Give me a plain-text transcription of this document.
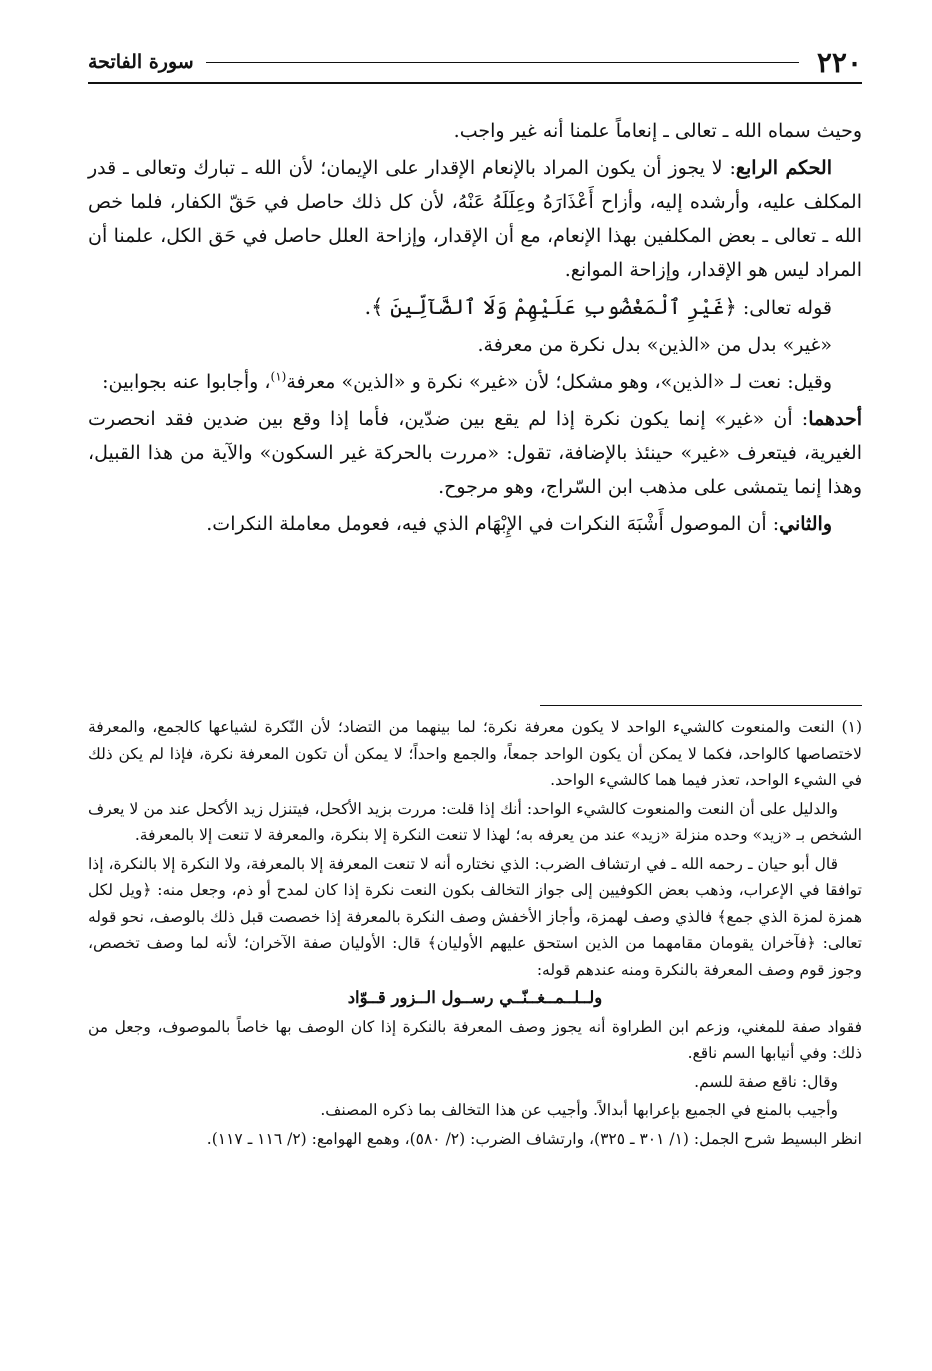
٢٢٠
سورة الفاتحة

وحيث سماه الله ـ تعالى ـ إنعاماً علمنا أنه غير واجب.

الحكم الرابع: لا يجوز أن يكون المراد بالإنعام الإقدار على الإيمان؛ لأن الله ـ تبارك وتعالى ـ قدر المكلف عليه، وأرشده إليه، وأزاح أَعْذَارَهُ وعِلَلَهُ عَنْهُ، لأن كل ذلك حاصل في حَقّ الكفار، فلما خص الله ـ تعالى ـ بعض المكلفين بهذا الإنعام، مع أن الإقدار، وإزاحة العلل حاصل في حَق الكل، علمنا أن المراد ليس هو الإقدار، وإزاحة الموانع.

قوله تعالى: ﴿غَيْرِ ٱلْمَغْضُوبِ عَلَيْهِمْ وَلَا ٱلضَّآلِّينَ ﴾.

«غير» بدل من «الذين» بدل نكرة من معرفة.

وقيل: نعت لـ «الذين»، وهو مشكل؛ لأن «غير» نكرة و «الذين» معرفة$^{(١)}$، وأجابوا عنه بجوابين:

أحدهما: أن «غير» إنما يكون نكرة إذا لم يقع بين ضدّين، فأما إذا وقع بين ضدين فقد انحصرت الغيرية، فيتعرف «غير» حينئذ بالإضافة، تقول: «مررت بالحركة غير السكون» والآية من هذا القبيل، وهذا إنما يتمشى على مذهب ابن السّراج، وهو مرجوح.

والثاني: أن الموصول أَشْبَهَ النكرات في الإِبْهَام الذي فيه، فعومل معاملة النكرات.

(١) النعت والمنعوت كالشيء الواحد لا يكون معرفة نكرة؛ لما بينهما من التضاد؛ لأن النّكرة لشياعها كالجمع، والمعرفة لاختصاصها كالواحد، فكما لا يمكن أن يكون الواحد جمعاً، والجمع واحداً؛ لا يمكن أن تكون المعرفة نكرة، فإذا لم يكن ذلك في الشيء الواحد، تعذر فيما هما كالشيء الواحد.

والدليل على أن النعت والمنعوت كالشيء الواحد: أنك إذا قلت: مررت بزيد الأكحل، فيتنزل زيد الأكحل عند من لا يعرف الشخص بـ «زيد» وحده منزلة «زيد» عند من يعرفه به؛ لهذا لا تنعت النكرة إلا بنكرة، والمعرفة لا تنعت إلا بالمعرفة.

قال أبو حيان ـ رحمه الله ـ في ارتشاف الضرب: الذي نختاره أنه لا تنعت المعرفة إلا بالمعرفة، ولا النكرة إلا بالنكرة، إذا توافقا في الإعراب، وذهب بعض الكوفيين إلى جواز التخالف بكون النعت نكرة إذا كان لمدح أو ذم، وجعل منه: ﴿ويل لكل همزة لمزة الذي جمع﴾ فالذي وصف لهمزة، وأجاز الأخفش وصف النكرة بالمعرفة إذا خصصت قبل ذلك بالوصف، نحو قوله تعالى: ﴿فآخران يقومان مقامهما من الذين استحق عليهم الأوليان﴾ قال: الأوليان صفة الآخران؛ لأنه لما وصف تخصص، وجوز قوم وصف المعرفة بالنكرة ومنه عندهم قوله:

ولــلــمــغــنّــي رســول الــزور قــوّاد

فقواد صفة للمغني، وزعم ابن الطراوة أنه يجوز وصف المعرفة بالنكرة إذا كان الوصف بها خاصاً بالموصوف، وجعل من ذلك: وفي أنيابها السم ناقع.

وقال: ناقع صفة للسم.

وأجيب بالمنع في الجميع بإعرابها أبدالاً. وأجيب عن هذا التخالف بما ذكره المصنف.

انظر البسيط شرح الجمل: (١/ ٣٠١ ـ ٣٢٥)، وارتشاف الضرب: (٢/ ٥٨٠)، وهمع الهوامع: (٢/ ١١٦ ـ ١١٧).
